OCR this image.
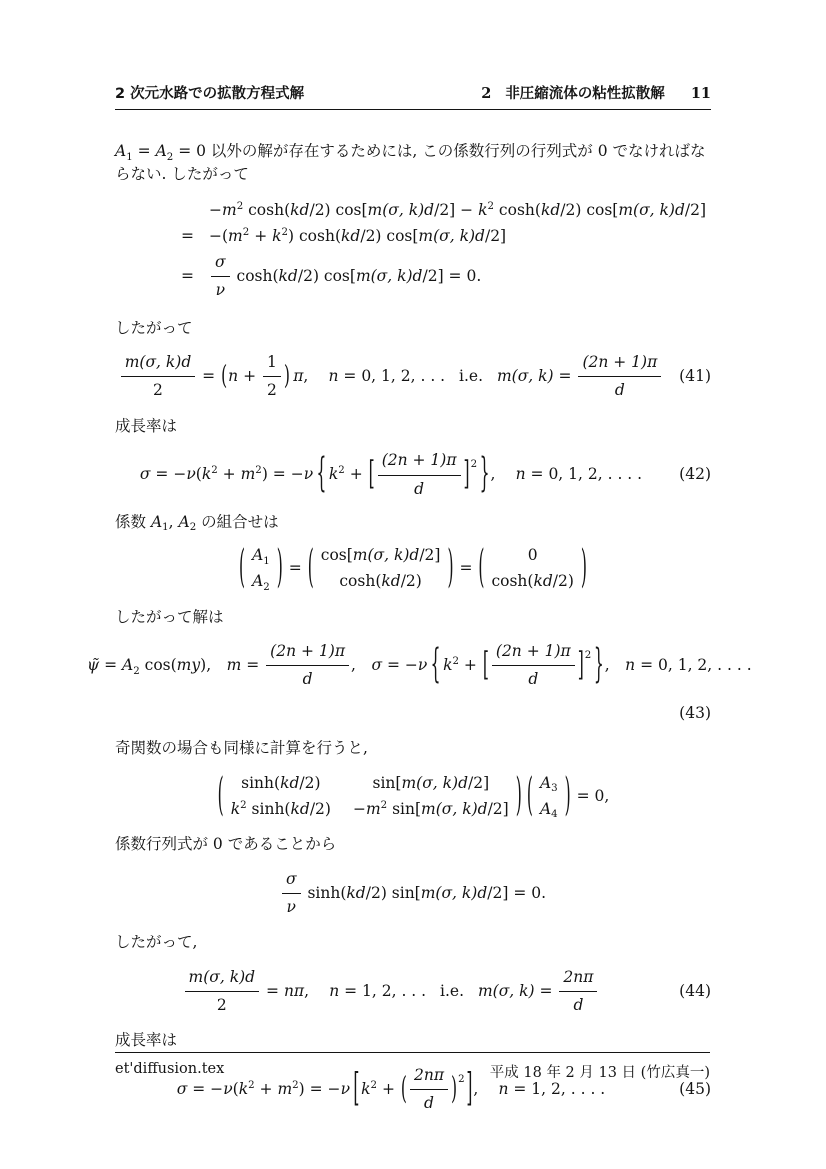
2 次元水路での拡散方程式解	2 非圧縮流体の粘性拡散解 11

$A_1 = A_2 = 0$ 以外の解が存在するためには, この係数行列の行列式が 0 でなければならない. したがって

$-m^2$ cosh(kd/2) cos[m(σ, $k)d/2] - k^2$ cosh(kd/2) cos[m(σ, k)d/2]
= $-(m^2 + k^2)$ cosh(kd/2) cos[m(σ, k)d/2]
= $\frac{\sigma}{\nu} \cosh(kd/2)$ cos[m(σ, k)d/2] = 0.

したがって

$\frac{m(\sigma, k)d}{2} = (n + \frac{1}{2}$ ) π, n = 0, 1, 2, . . . i.e. m(σ, $k) = \frac{(2n + 1)\pi}{d}$	(41)

成長率は

$\sigma = -\nu(k^2 + m^2) = -\nu$ { $k^2$ + [ $\frac{(2n + 1)\pi}{d} ]^2$ }, n = 0, 1, 2, . . . .	(42)

係数 $A_1$, $A_2$ の組合せは

( $A_1$
$A_2$ ) = ( cos[m(σ, k)d/2]
cosh(kd/2) ) = (	0
cosh(kd/2) )

したがって解は

ψ̃ = $A_2$ cos(my), $m = \frac{(2n + 1)\pi}{d}$ , σ = −ν { $k^2$ + [ $\frac{(2n + 1)\pi}{d} ]^2$ }, n = 0, 1, 2, . . . .
(43)

奇関数の場合も同様に計算を行うと,

( sinh(kd/2)	sin[m(σ, k)d/2]
$k^2$ $\sinh(kd/2) -m^2$ sin[m(σ, k)d/2] ) ( $A_3$
$A_4$ ) = 0,

係数行列式が 0 であることから

$\frac{\sigma}{\nu} \sinh(kd/2)$ sin[m(σ, k)d/2] = 0.

したがって,

$\frac{m(\sigma, k)d}{2} = n\pi$, n = 1, 2, . . . i.e. m(σ, $k) = \frac{2n\pi}{d}$	(44)

成長率は

$\sigma = -\nu(k^2 + m^2) = -\nu$ [ $k^2$ + ( $\frac{2n\pi}{d} )^2$ ], n = 1, 2, . . . .	(45)
et'diffusion.tex	平成 18 年 2 月 13 日 (竹広真一)
